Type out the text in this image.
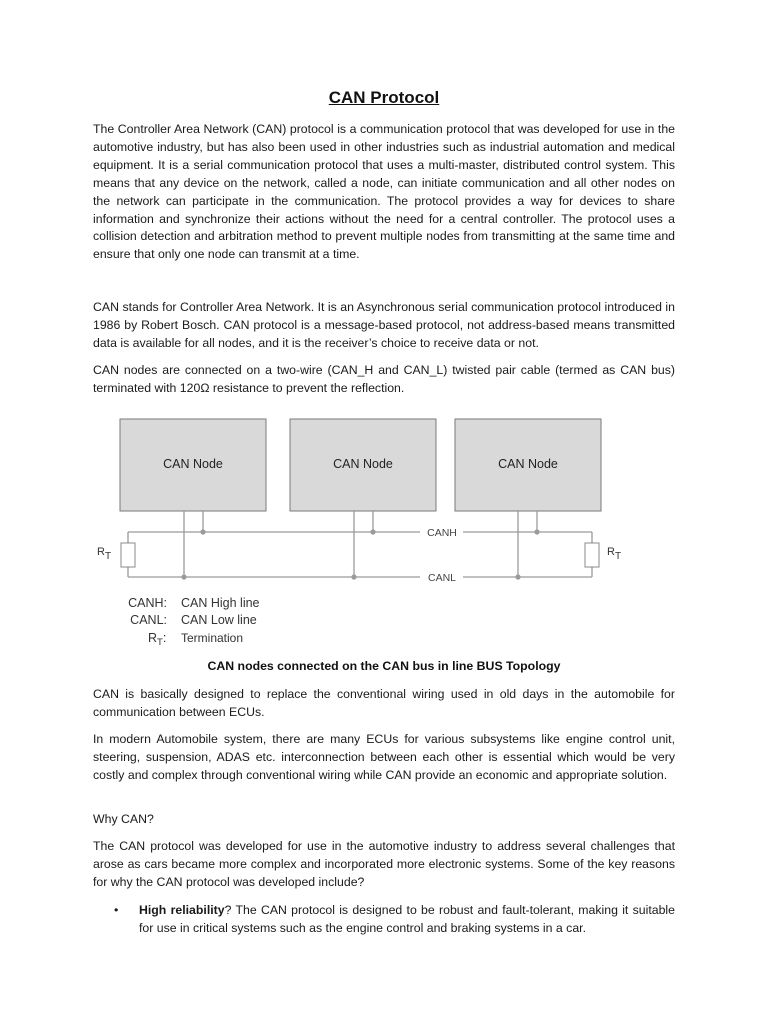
CAN Protocol

The Controller Area Network (CAN) protocol is a communication protocol that was developed for use in the automotive industry, but has also been used in other industries such as industrial automation and medical equipment. It is a serial communication protocol that uses a multi-master, distributed control system. This means that any device on the network, called a node, can initiate communication and all other nodes on the network can participate in the communication. The protocol provides a way for devices to share information and synchronize their actions without the need for a central controller. The protocol uses a collision detection and arbitration method to prevent multiple nodes from transmitting at the same time and ensure that only one node can transmit at a time.

CAN stands for Controller Area Network. It is an Asynchronous serial communication protocol introduced in 1986 by Robert Bosch. CAN protocol is a message-based protocol, not address-based means transmitted data is available for all nodes, and it is the receiver’s choice to receive data or not.

CAN nodes are connected on a two-wire (CAN_H and CAN_L) twisted pair cable (termed as CAN bus) terminated with 120Ω resistance to prevent the reflection.

CAN Node	CAN Node	CAN Node
CANH
CANL
RT	RT
CANH: CAN High line
CANL: CAN Low line
$R_T$: Termination
CAN nodes connected on the CAN bus in line BUS Topology

CAN is basically designed to replace the conventional wiring used in old days in the automobile for communication between ECUs.

In modern Automobile system, there are many ECUs for various subsystems like engine control unit, steering, suspension, ADAS etc. interconnection between each other is essential which would be very costly and complex through conventional wiring while CAN provide an economic and appropriate solution.

Why CAN?

The CAN protocol was developed for use in the automotive industry to address several challenges that arose as cars became more complex and incorporated more electronic systems. Some of the key reasons for why the CAN protocol was developed include?

• High reliability? The CAN protocol is designed to be robust and fault-tolerant, making it suitable for use in critical systems such as the engine control and braking systems in a car.
